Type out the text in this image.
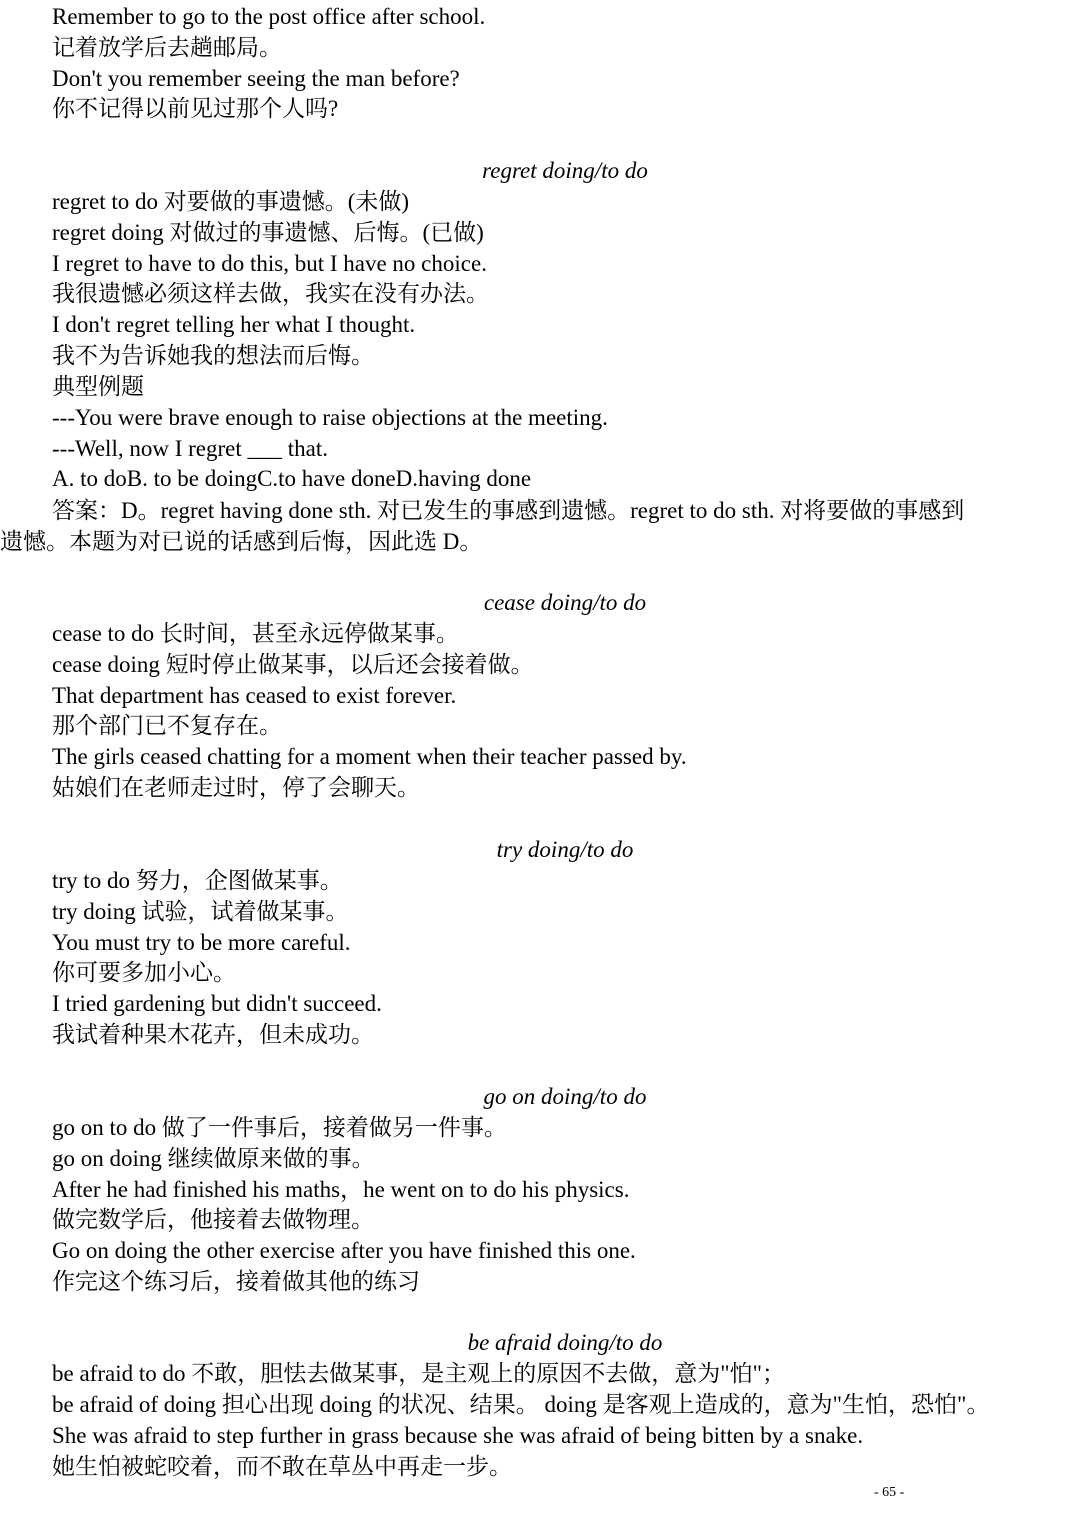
Remember to go to the post office after school.
记着放学后去趟邮局。
Don't you remember seeing the man before?
你不记得以前见过那个人吗?
regret doing/to do
regret to do 对要做的事遗憾。(未做)
regret doing 对做过的事遗憾、后悔。(已做)
I regret to have to do this, but I have no choice.
我很遗憾必须这样去做，我实在没有办法。
I don't regret telling her what I thought.
我不为告诉她我的想法而后悔。
典型例题
---You were brave enough to raise objections at the meeting.
---Well, now I regret ___ that.
A. to doB. to be doingC.to have doneD.having done
答案：D。regret having done sth. 对已发生的事感到遗憾。regret to do sth. 对将要做的事感到
遗憾。本题为对已说的话感到后悔，因此选 D。
cease doing/to do
cease to do 长时间，甚至永远停做某事。
cease doing 短时停止做某事，以后还会接着做。
That department has ceased to exist forever.
那个部门已不复存在。
The girls ceased chatting for a moment when their teacher passed by.
姑娘们在老师走过时，停了会聊天。
try doing/to do
try to do 努力，企图做某事。
try doing 试验，试着做某事。
You must try to be more careful.
你可要多加小心。
I tried gardening but didn't succeed.
我试着种果木花卉，但未成功。
go on doing/to do
go on to do 做了一件事后，接着做另一件事。
go on doing 继续做原来做的事。
After he had finished his maths，he went on to do his physics.
做完数学后，他接着去做物理。
Go on doing the other exercise after you have finished this one.
作完这个练习后，接着做其他的练习
be afraid doing/to do
be afraid to do 不敢，胆怯去做某事，是主观上的原因不去做，意为"怕"；
be afraid of doing 担心出现 doing 的状况、结果。 doing 是客观上造成的，意为"生怕，恐怕"。
She was afraid to step further in grass because she was afraid of being bitten by a snake.
她生怕被蛇咬着，而不敢在草丛中再走一步。
- 65 -
